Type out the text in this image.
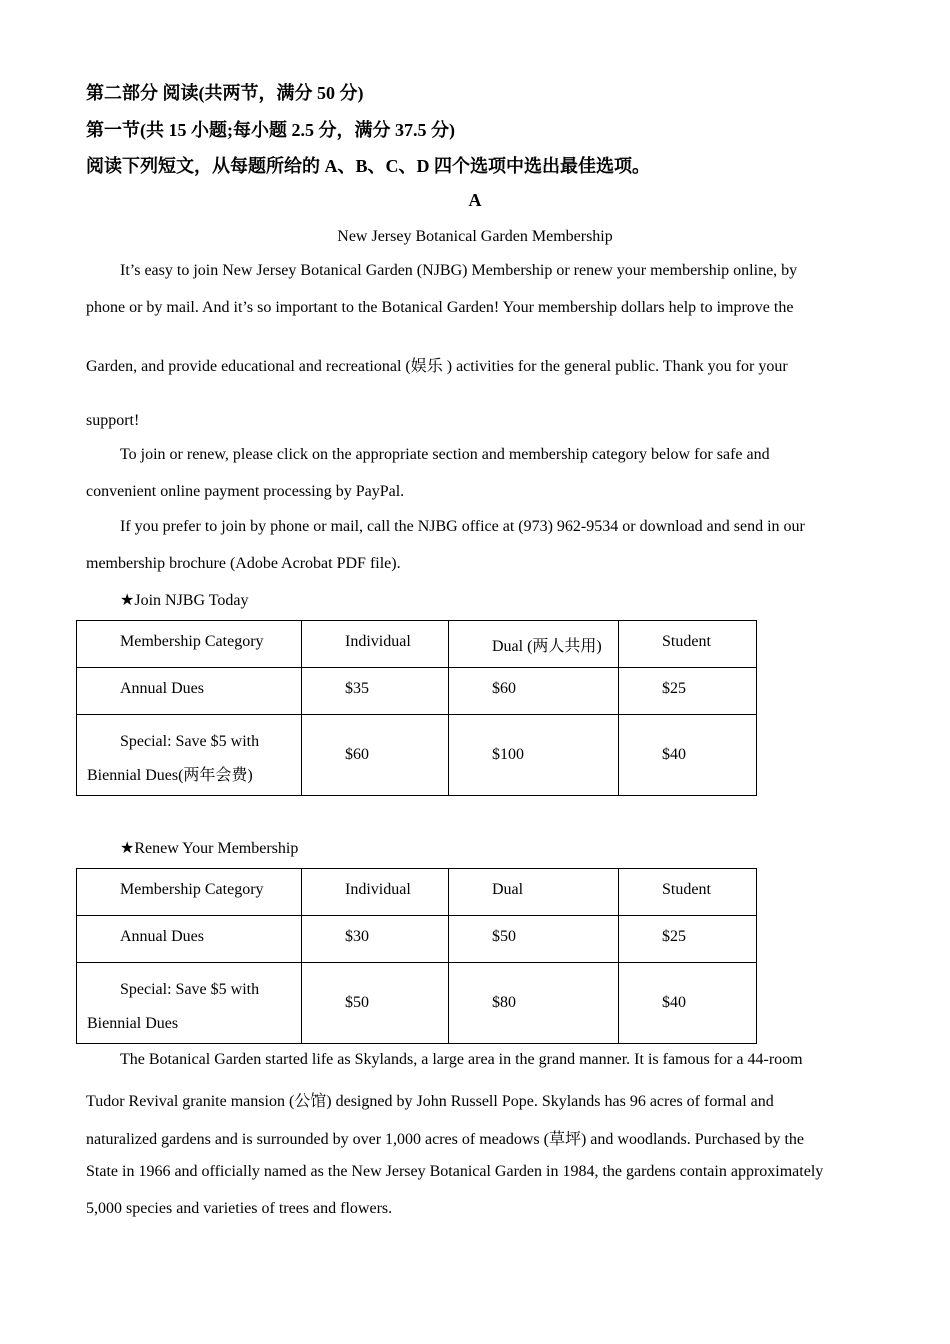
第二部分 阅读(共两节，满分 50 分)
第一节(共 15 小题;每小题 2.5 分，满分 37.5 分)
阅读下列短文，从每题所给的 A、B、C、D 四个选项中选出最佳选项。
A
New Jersey Botanical Garden Membership
It’s easy to join New Jersey Botanical Garden (NJBG) Membership or renew your membership online, by
phone or by mail. And it’s so important to the Botanical Garden! Your membership dollars help to improve the
Garden, and provide educational and recreational (娱乐 ) activities for the general public. Thank you for your
support!
To join or renew, please click on the appropriate section and membership category below for safe and
convenient online payment processing by PayPal.
If you prefer to join by phone or mail, call the NJBG office at (973) 962-9534 or download and send in our
membership brochure (Adobe Acrobat PDF file).
★Join NJBG Today
Membership Category	Individual	Dual (两人共用)	Student

Annual Dues	$35	$60	$25

Special: Save $5 with
Biennial Dues(两年会费)	$60	$100	$40
★Renew Your Membership
Membership Category	Individual	Dual	Student

Annual Dues	$30	$50	$25

Special: Save $5 with
Biennial Dues	$50	$80	$40
The Botanical Garden started life as Skylands, a large area in the grand manner. It is famous for a 44-room
Tudor Revival granite mansion (公馆) designed by John Russell Pope. Skylands has 96 acres of formal and
naturalized gardens and is surrounded by over 1,000 acres of meadows (草坪) and woodlands. Purchased by the
State in 1966 and officially named as the New Jersey Botanical Garden in 1984, the gardens contain approximately
5,000 species and varieties of trees and flowers.
